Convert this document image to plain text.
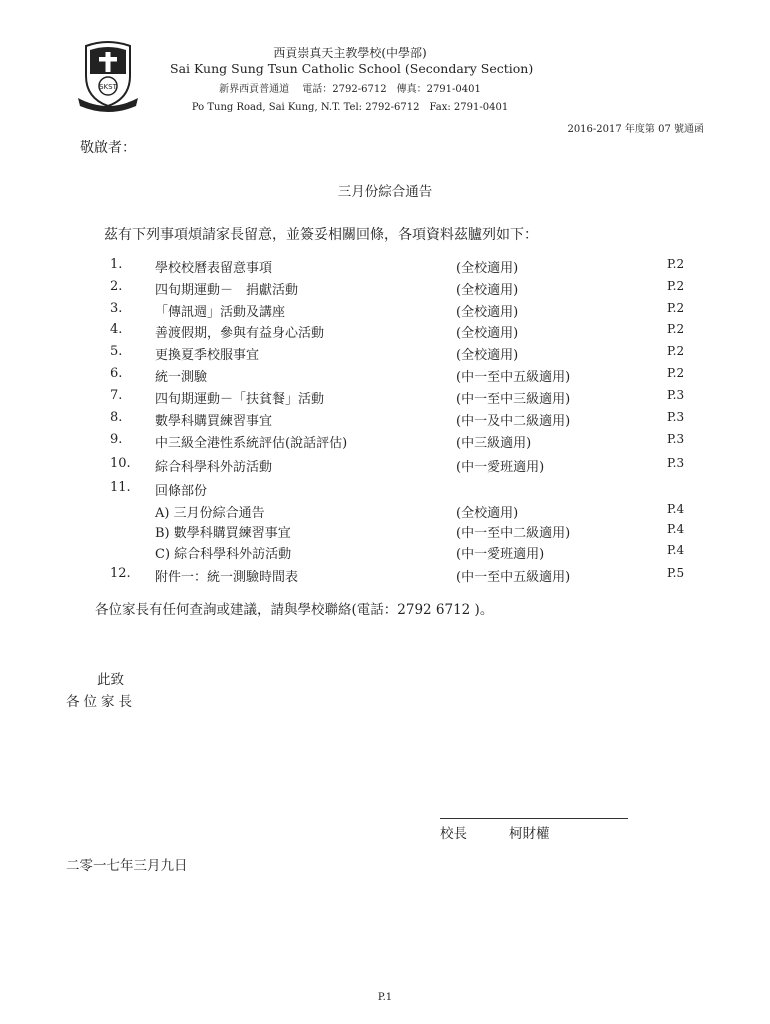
SKST
西貢崇真天主教學校(中學部)
Sai Kung Sung Tsun Catholic School (Secondary Section)
新界西貢普通道　 電話：2792-6712　傳真：2791-0401
Po Tung Road, Sai Kung, N.T. Tel: 2792-6712　Fax: 2791-0401
2016-2017 年度第 07 號通函
敬啟者：
三月份綜合通告
茲有下列事項煩請家長留意，並簽妥相關回條，各項資料茲臚列如下：
1.	學校校曆表留意事項	(全校適用)	P.2
2.	四旬期運動－　捐獻活動	(全校適用)	P.2
3.	「傳訊週」活動及講座	(全校適用)	P.2
4.	善渡假期，參與有益身心活動	(全校適用)	P.2
5.	更換夏季校服事宜	(全校適用)	P.2
6.	統一測驗	(中一至中五級適用)	P.2
7.	四旬期運動－「扶貧餐」活動	(中一至中三級適用)	P.3
8.	數學科購買練習事宜	(中一及中二級適用)	P.3
9.	中三級全港性系統評估(說話評估)	(中三級適用)	P.3
10. 綜合科學科外訪活動	(中一愛班適用)	P.3
11. 回條部份
A) 三月份綜合通告	(全校適用)	P.4
B) 數學科購買練習事宜	(中一至中二級適用)	P.4
C) 綜合科學科外訪活動	(中一愛班適用)	P.4
12. 附件一：統一測驗時間表	(中一至中五級適用)	P.5
各位家長有任何查詢或建議，請與學校聯絡(電話：2792 6712 )。
此致
各位家長
校長	柯財權
二零一七年三月九日
P.1
